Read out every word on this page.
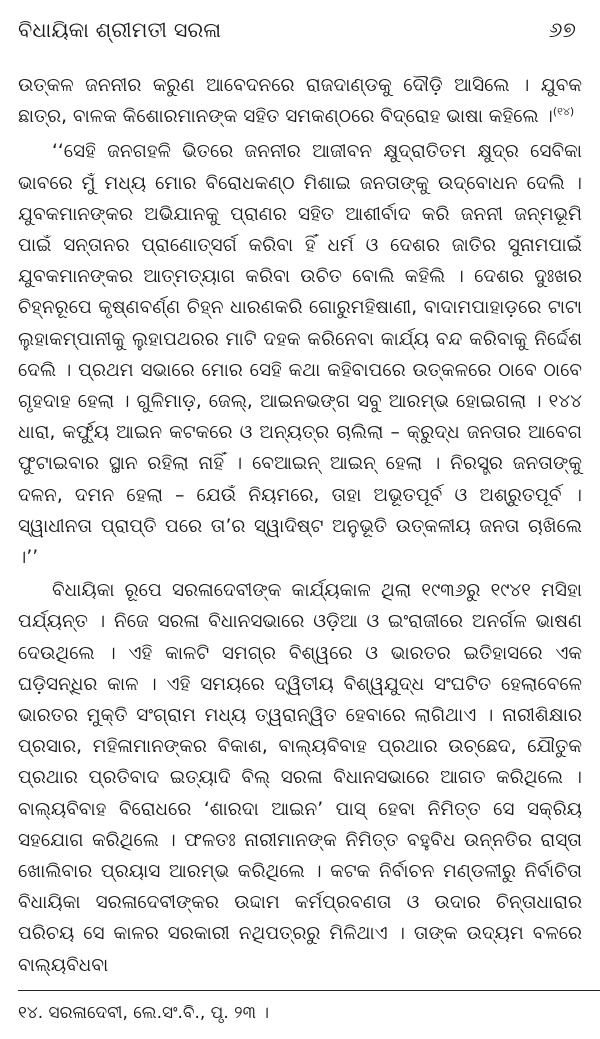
ବିଧାୟିକା ଶ୍ରୀମତୀ ସରଳା	୬୭

ଉତ୍କଳ ଜନନୀର କରୁଣ ଆବେଦନରେ ରାଜଦାଣ୍ଡକୁ ଦୌଡ଼ି ଆସିଲେ । ଯୁବକ ଛାତ୍ର, ବାଳକ କିଶୋରମାନଙ୍କ ସହିତ ସମକଣ୍ଠରେ ବିଦ୍ରୋହ ଭାଷା କହିଲେ ।$^{(୧୪)}$

‘‘ସେହି ଜନଗହଳି ଭିତରେ ଜନନୀର ଆଜୀବନ କ୍ଷୁଦ୍ରାତିତମ କ୍ଷୁଦ୍ର ସେବିକା ଭାବରେ ମୁଁ ମଧ୍ୟ ମୋର ବିରୋଧକଣ୍ଠ ମିଶାଇ ଜନତାଙ୍କୁ ଉଦ୍‌ବୋଧନ ଦେଲି । ଯୁବକମାନଙ୍କର ଅଭିଯାନକୁ ପ୍ରାଣର ସହିତ ଆଶୀର୍ବାଦ କରି ଜନନୀ ଜନ୍ମଭୂମି ପାଇଁ ସନ୍ତାନର ପ୍ରାଣୋତ୍ସର୍ଗ କରିବା ହିଁ ଧର୍ମ ଓ ଦେଶର ଜାତିର ସୁନାମପାଇଁ ଯୁବକମାନଙ୍କର ଆତ୍ମତ୍ୟାଗ କରିବା ଉଚିତ ବୋଲି କହିଲି । ଦେଶର ଦୁଃଖର ଚିହ୍ନରୂପେ କୃଷ୍ଣବର୍ଣ୍ଣ ଚିହ୍ନ ଧାରଣକରି ଗୋରୁମହିଷାଣୀ, ବାଦାମପାହାଡ଼ରେ ଟାଟା ଲୁହାକମ୍ପାନୀକୁ ଲୁହାପଥରର ମାଟି ଦହକ କରିନେବା କାର୍ଯ୍ୟ ବନ୍ଦ କରିବାକୁ ନିର୍ଦ୍ଦେଶ ଦେଲି । ପ୍ରଥମ ସଭାରେ ମୋର ସେହି କଥା କହିବାପରେ ଉତ୍କଳରେ ଠାବେ ଠାବେ ଗୃହଦାହ ହେଲା । ଗୁଳିମାଡ଼, ଜେଲ୍, ଆଇନଭଙ୍ଗ ସବୁ ଆରମ୍ଭ ହୋଇଗଲା । ୧୪୪ ଧାରା, କର୍ଫ୍ୟୁ ଆଇନ କଟକରେ ଓ ଅନ୍ୟତ୍ର ଚାଲିଲା – କ୍ରୁଦ୍ଧ ଜନତାର ଆବେଗ ଫୁଟାଇବାର ସ୍ଥାନ ରହିଲା ନାହିଁ । ବେଆଇନ୍ ଆଇନ୍ ହେଲା । ନିରସ୍ତ୍ର ଜନତାଙ୍କୁ ଦଳନ, ଦମନ ହେଲା – ଯେଉଁ ନିୟମରେ, ତାହା ଅଭୂତପୂର୍ବ ଓ ଅଶ୍ରୁତପୂର୍ବ । ସ୍ୱାଧୀନତା ପ୍ରାପ୍ତି ପରେ ତା’ର ସ୍ୱାଦିଷ୍ଟ ଅନୁଭୂତି ଉତ୍କଳୀୟ ଜନତା ଚାଖିଲେ ।’’

ବିଧାୟିକା ରୂପେ ସରଳାଦେବୀଙ୍କ କାର୍ଯ୍ୟକାଳ ଥିଲା ୧୯୩୬ରୁ ୧୯୪୧ ମସିହା ପର୍ଯ୍ୟନ୍ତ । ନିଜେ ସରଳା ବିଧାନସଭାରେ ଓଡ଼ିଆ ଓ ଇଂରାଜୀରେ ଅନର୍ଗଳ ଭାଷଣ ଦେଉଥିଲେ । ଏହି କାଳଟି ସମଗ୍ର ବିଶ୍ୱରେ ଓ ଭାରତର ଇତିହାସରେ ଏକ ଘଡ଼ିସନ୍ଧିର କାଳ । ଏହି ସମୟରେ ଦ୍ୱିତୀୟ ବିଶ୍ୱଯୁଦ୍ଧ ସଂଘଟିତ ହେଲାବେଳେ ଭାରତର ମୁକ୍ତି ସଂଗ୍ରାମ ମଧ୍ୟ ତ୍ୱରାନ୍ୱିତ ହେବାରେ ଲାଗିଥାଏ । ନାରୀଶିକ୍ଷାର ପ୍ରସାର, ମହିଳାମାନଙ୍କର ବିକାଶ, ବାଲ୍ୟବିବାହ ପ୍ରଥାର ଉଚ୍ଛେଦ, ଯୌତୁକ ପ୍ରଥାର ପ୍ରତିବାଦ ଇତ୍ୟାଦି ବିଲ୍ ସରଳା ବିଧାନସଭାରେ ଆଗତ କରିଥିଲେ । ବାଲ୍ୟବିବାହ ବିରୋଧରେ ‘ଶାରଦା ଆଇନ’ ପାସ୍ ହେବା ନିମିତ୍ତ ସେ ସକ୍ରିୟ ସହଯୋଗ କରିଥିଲେ । ଫଳତଃ ନାରୀମାନଙ୍କ ନିମିତ୍ତ ବହୁବିଧ ଉନ୍ନତିର ରାସ୍ତା ଖୋଲିବାର ପ୍ରୟାସ ଆରମ୍ଭ କରିଥିଲେ । କଟକ ନିର୍ବାଚନ ମଣ୍ଡଳୀରୁ ନିର୍ବାଚିତା ବିଧାୟିକା ସରଳାଦେବୀଙ୍କର ଉଦ୍ଦାମ କର୍ମପ୍ରବଣତା ଓ ଉଦାର ଚିନ୍ତାଧାରାର ପରିଚୟ ସେ କାଳର ସରକାରୀ ନଥିପତ୍ରରୁ ମିଳିଥାଏ । ତାଙ୍କ ଉଦ୍ୟମ ବଳରେ ବାଲ୍ୟବିଧବା

୧୪. ସରଳାଦେବୀ, ଲେ.ସଂ.ବି., ପୃ. ୨୩ ।
